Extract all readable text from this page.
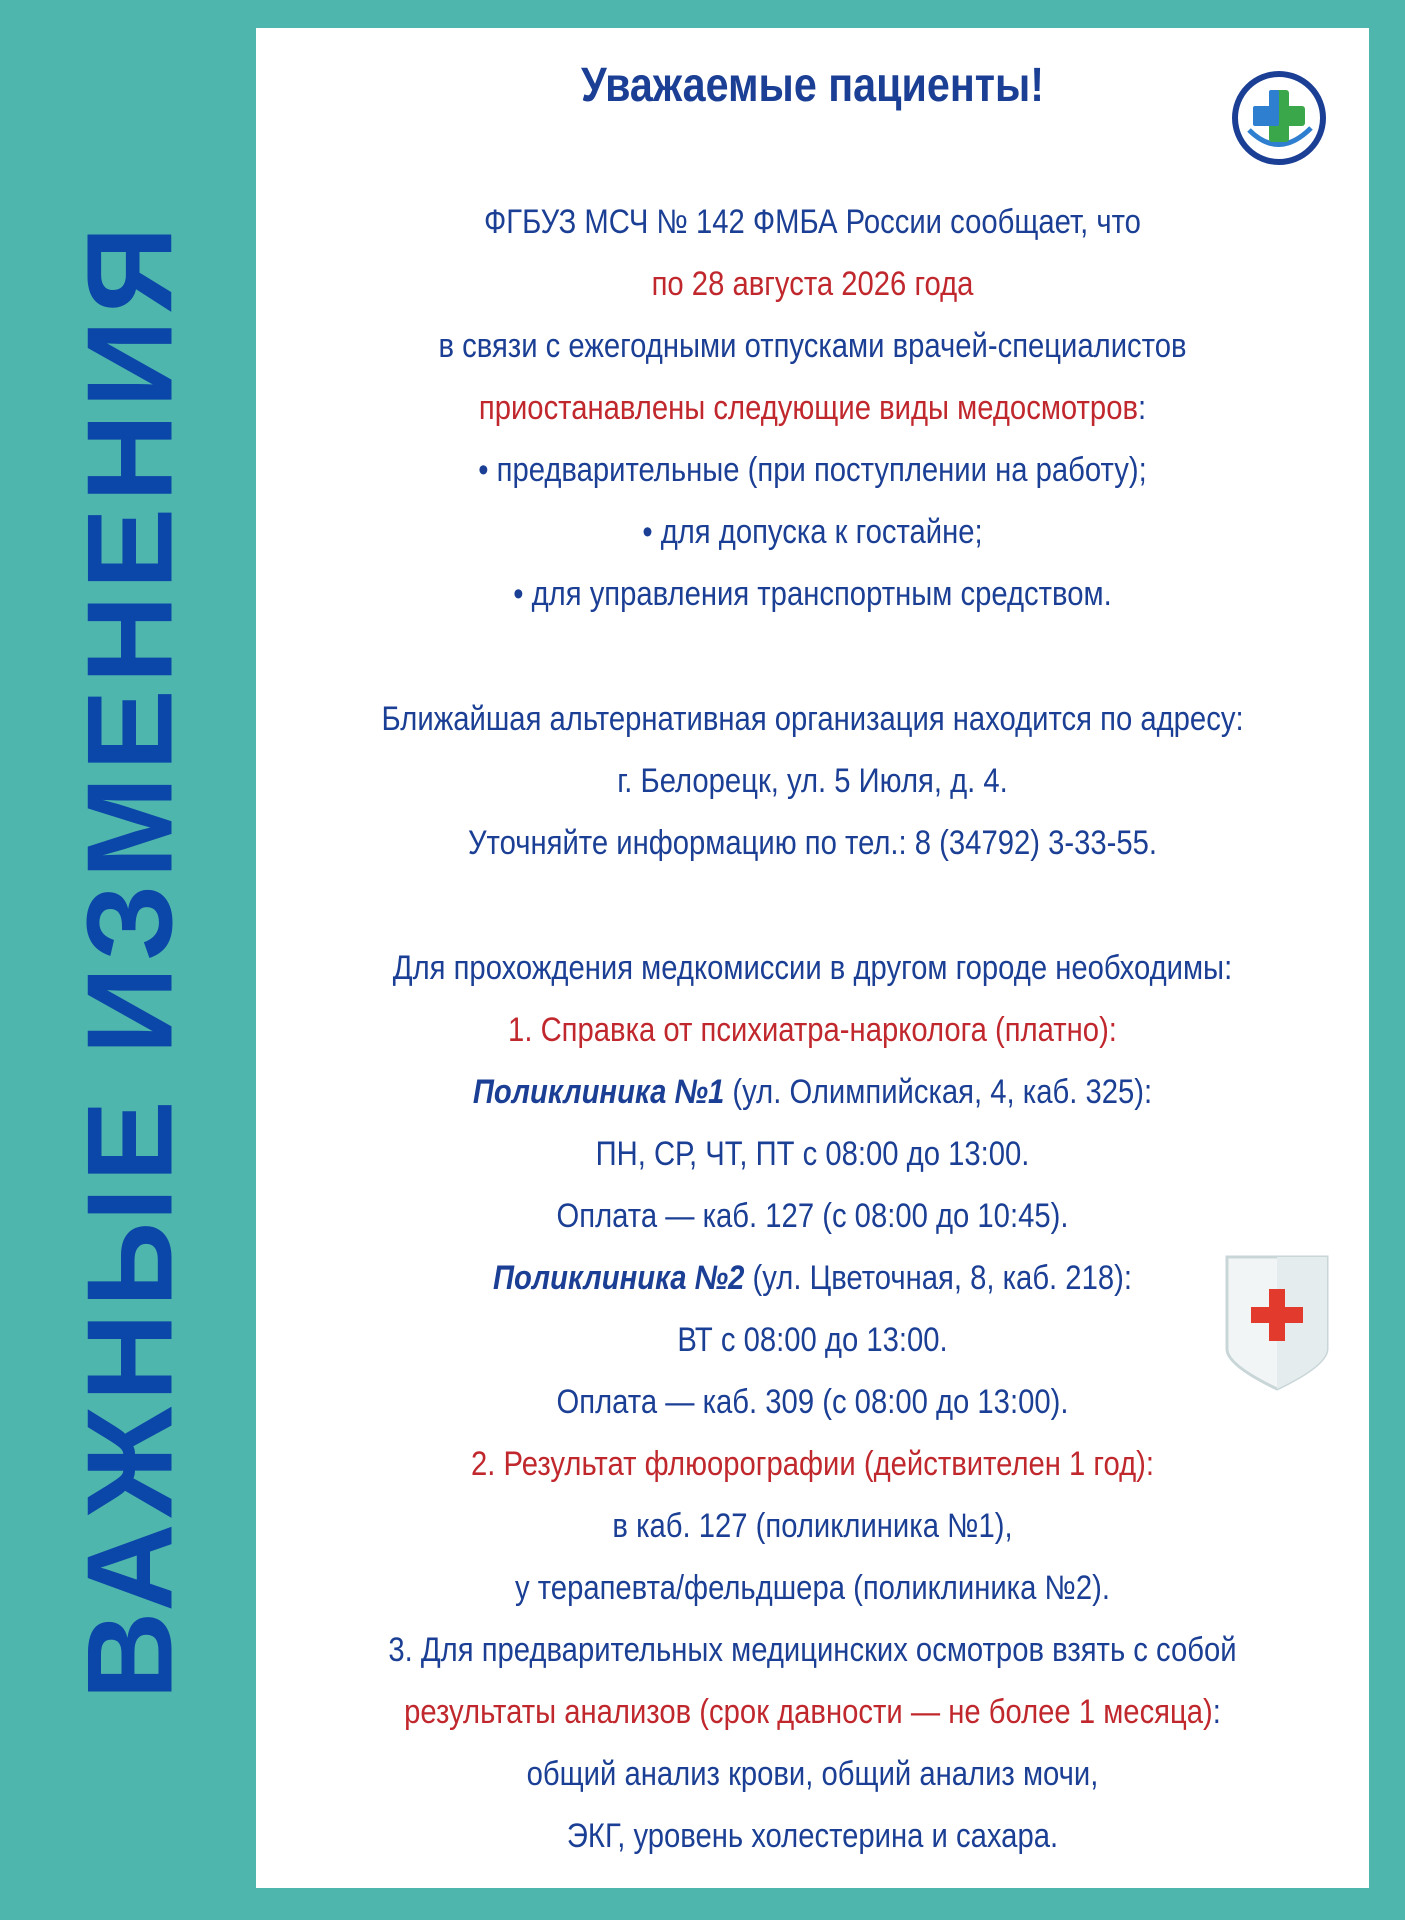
ВАЖНЫЕ ИЗМЕНЕНИЯ
Уважаемые пациенты!
ФГБУЗ МСЧ № 142 ФМБА России сообщает, что
по 28 августа 2026 года
в связи с ежегодными отпусками врачей-специалистов
приостанавлены следующие виды медосмотров:
• предварительные (при поступлении на работу);
• для допуска к гостайне;
• для управления транспортным средством.
Ближайшая альтернативная организация находится по адресу:
г. Белорецк, ул. 5 Июля, д. 4.
Уточняйте информацию по тел.: 8 (34792) 3-33-55.
Для прохождения медкомиссии в другом городе необходимы:
1. Справка от психиатра-нарколога (платно):
Поликлиника №1 (ул. Олимпийская, 4, каб. 325):
ПН, СР, ЧТ, ПТ с 08:00 до 13:00.
Оплата — каб. 127 (с 08:00 до 10:45).
Поликлиника №2 (ул. Цветочная, 8, каб. 218):
ВТ с 08:00 до 13:00.
Оплата — каб. 309 (с 08:00 до 13:00).
2. Результат флюорографии (действителен 1 год):
в каб. 127 (поликлиника №1),
у терапевта/фельдшера (поликлиника №2).
3. Для предварительных медицинских осмотров взять с собой
результаты анализов (срок давности — не более 1 месяца):
общий анализ крови, общий анализ мочи,
ЭКГ, уровень холестерина и сахара.
